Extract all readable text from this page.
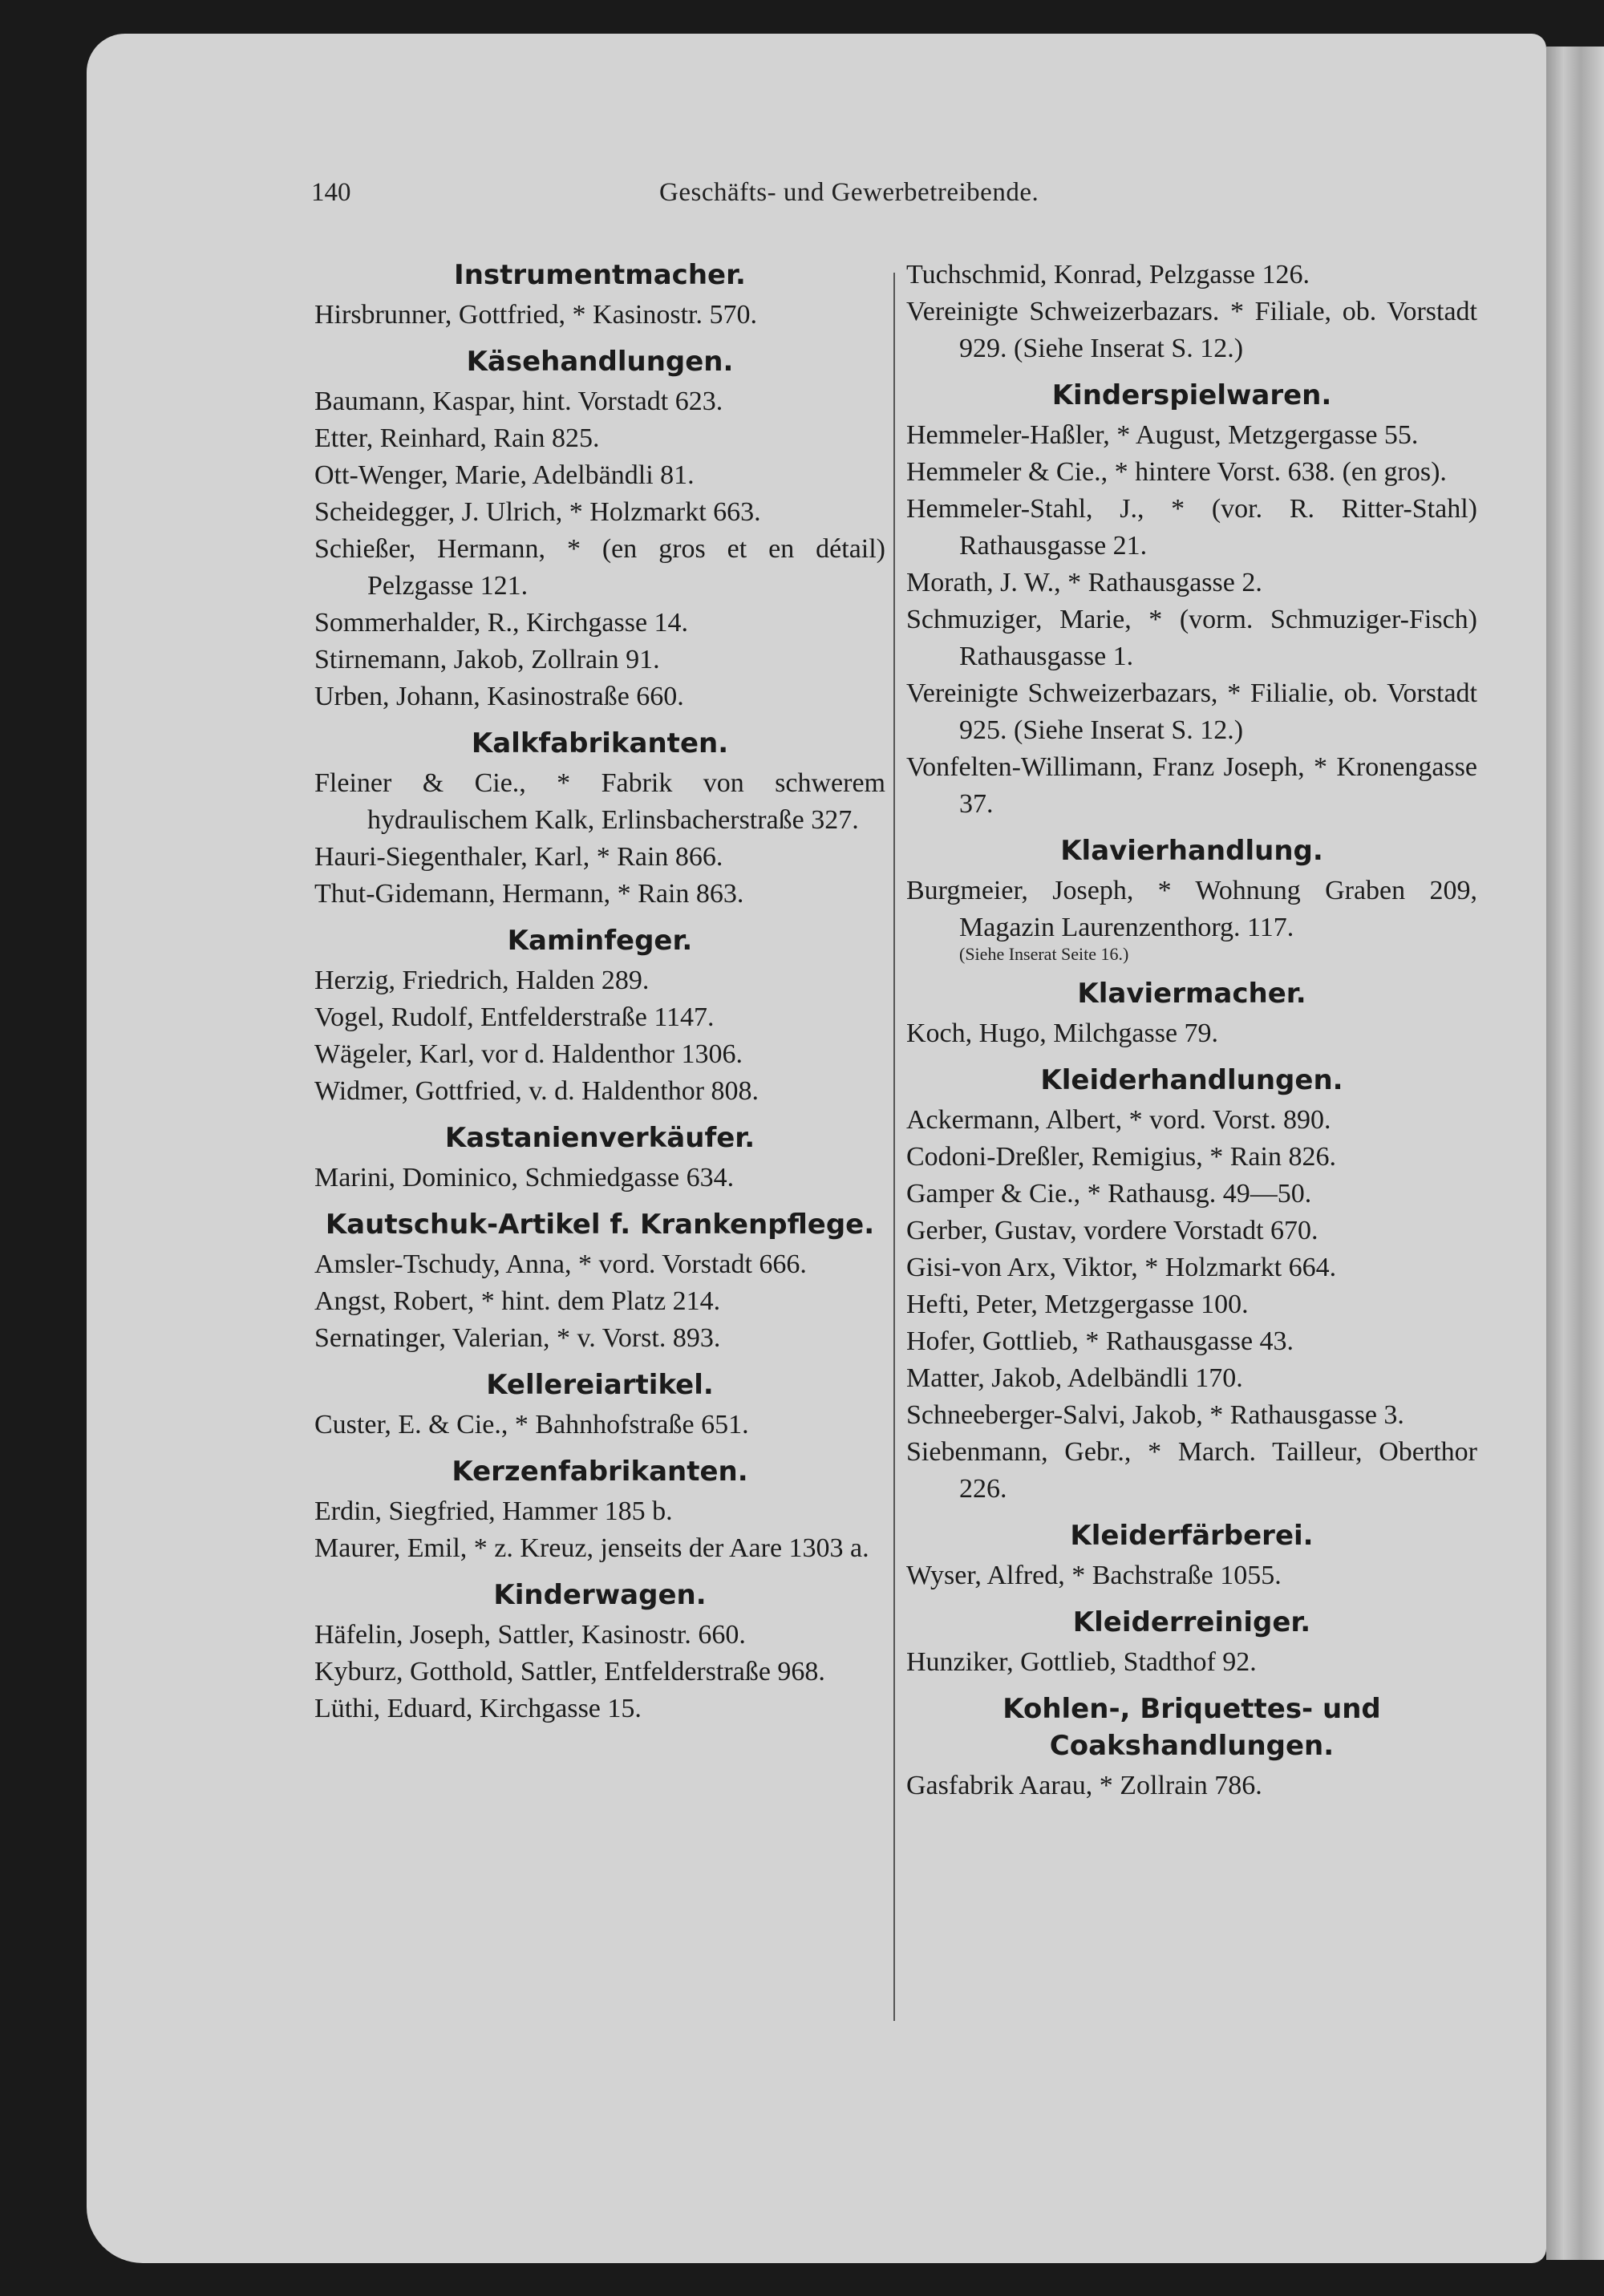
140	Geschäfts- und Gewerbetreibende.
Instrumentmacher.
Hirsbrunner, Gottfried, * Kasinostr. 570.
Käsehandlungen.
Baumann, Kaspar, hint. Vorstadt 623.
Etter, Reinhard, Rain 825.
Ott-Wenger, Marie, Adelbändli 81.
Scheidegger, J. Ulrich, * Holzmarkt 663.
Schießer, Hermann, * (en gros et en détail) Pelzgasse 121.
Sommerhalder, R., Kirchgasse 14.
Stirnemann, Jakob, Zollrain 91.
Urben, Johann, Kasinostraße 660.
Kalkfabrikanten.
Fleiner & Cie., * Fabrik von schwerem hydraulischem Kalk, Erlinsbacherstraße 327.
Hauri-Siegenthaler, Karl, * Rain 866.
Thut-Gidemann, Hermann, * Rain 863.
Kaminfeger.
Herzig, Friedrich, Halden 289.
Vogel, Rudolf, Entfelderstraße 1147.
Wägeler, Karl, vor d. Haldenthor 1306.
Widmer, Gottfried, v. d. Haldenthor 808.
Kastanienverkäufer.
Marini, Dominico, Schmiedgasse 634.
Kautschuk-Artikel f. Krankenpflege.
Amsler-Tschudy, Anna, * vord. Vorstadt 666.
Angst, Robert, * hint. dem Platz 214.
Sernatinger, Valerian, * v. Vorst. 893.
Kellereiartikel.
Custer, E. & Cie., * Bahnhofstraße 651.
Kerzenfabrikanten.
Erdin, Siegfried, Hammer 185 b.
Maurer, Emil, * z. Kreuz, jenseits der Aare 1303 a.
Kinderwagen.
Häfelin, Joseph, Sattler, Kasinostr. 660.
Kyburz, Gotthold, Sattler, Entfelderstraße 968.
Lüthi, Eduard, Kirchgasse 15.
Tuchschmid, Konrad, Pelzgasse 126.
Vereinigte Schweizerbazars. * Filiale, ob. Vorstadt 929. (Siehe Inserat S. 12.)
Kinderspielwaren.
Hemmeler-Haßler, * August, Metzgergasse 55.
Hemmeler & Cie., * hintere Vorst. 638. (en gros).
Hemmeler-Stahl, J., * (vor. R. Ritter-Stahl) Rathausgasse 21.
Morath, J. W., * Rathausgasse 2.
Schmuziger, Marie, * (vorm. Schmuziger-Fisch) Rathausgasse 1.
Vereinigte Schweizerbazars, * Filialie, ob. Vorstadt 925. (Siehe Inserat S. 12.)
Vonfelten-Willimann, Franz Joseph, * Kronengasse 37.
Klavierhandlung.
Burgmeier, Joseph, * Wohnung Graben 209, Magazin Laurenzenthorg. 117.
(Siehe Inserat Seite 16.)
Klaviermacher.
Koch, Hugo, Milchgasse 79.
Kleiderhandlungen.
Ackermann, Albert, * vord. Vorst. 890.
Codoni-Dreßler, Remigius, * Rain 826.
Gamper & Cie., * Rathausg. 49—50.
Gerber, Gustav, vordere Vorstadt 670.
Gisi-von Arx, Viktor, * Holzmarkt 664.
Hefti, Peter, Metzgergasse 100.
Hofer, Gottlieb, * Rathausgasse 43.
Matter, Jakob, Adelbändli 170.
Schneeberger-Salvi, Jakob, * Rathausgasse 3.
Siebenmann, Gebr., * March. Tailleur, Oberthor 226.
Kleiderfärberei.
Wyser, Alfred, * Bachstraße 1055.
Kleiderreiniger.
Hunziker, Gottlieb, Stadthof 92.
Kohlen-, Briquettes- und Coakshandlungen.
Gasfabrik Aarau, * Zollrain 786.
